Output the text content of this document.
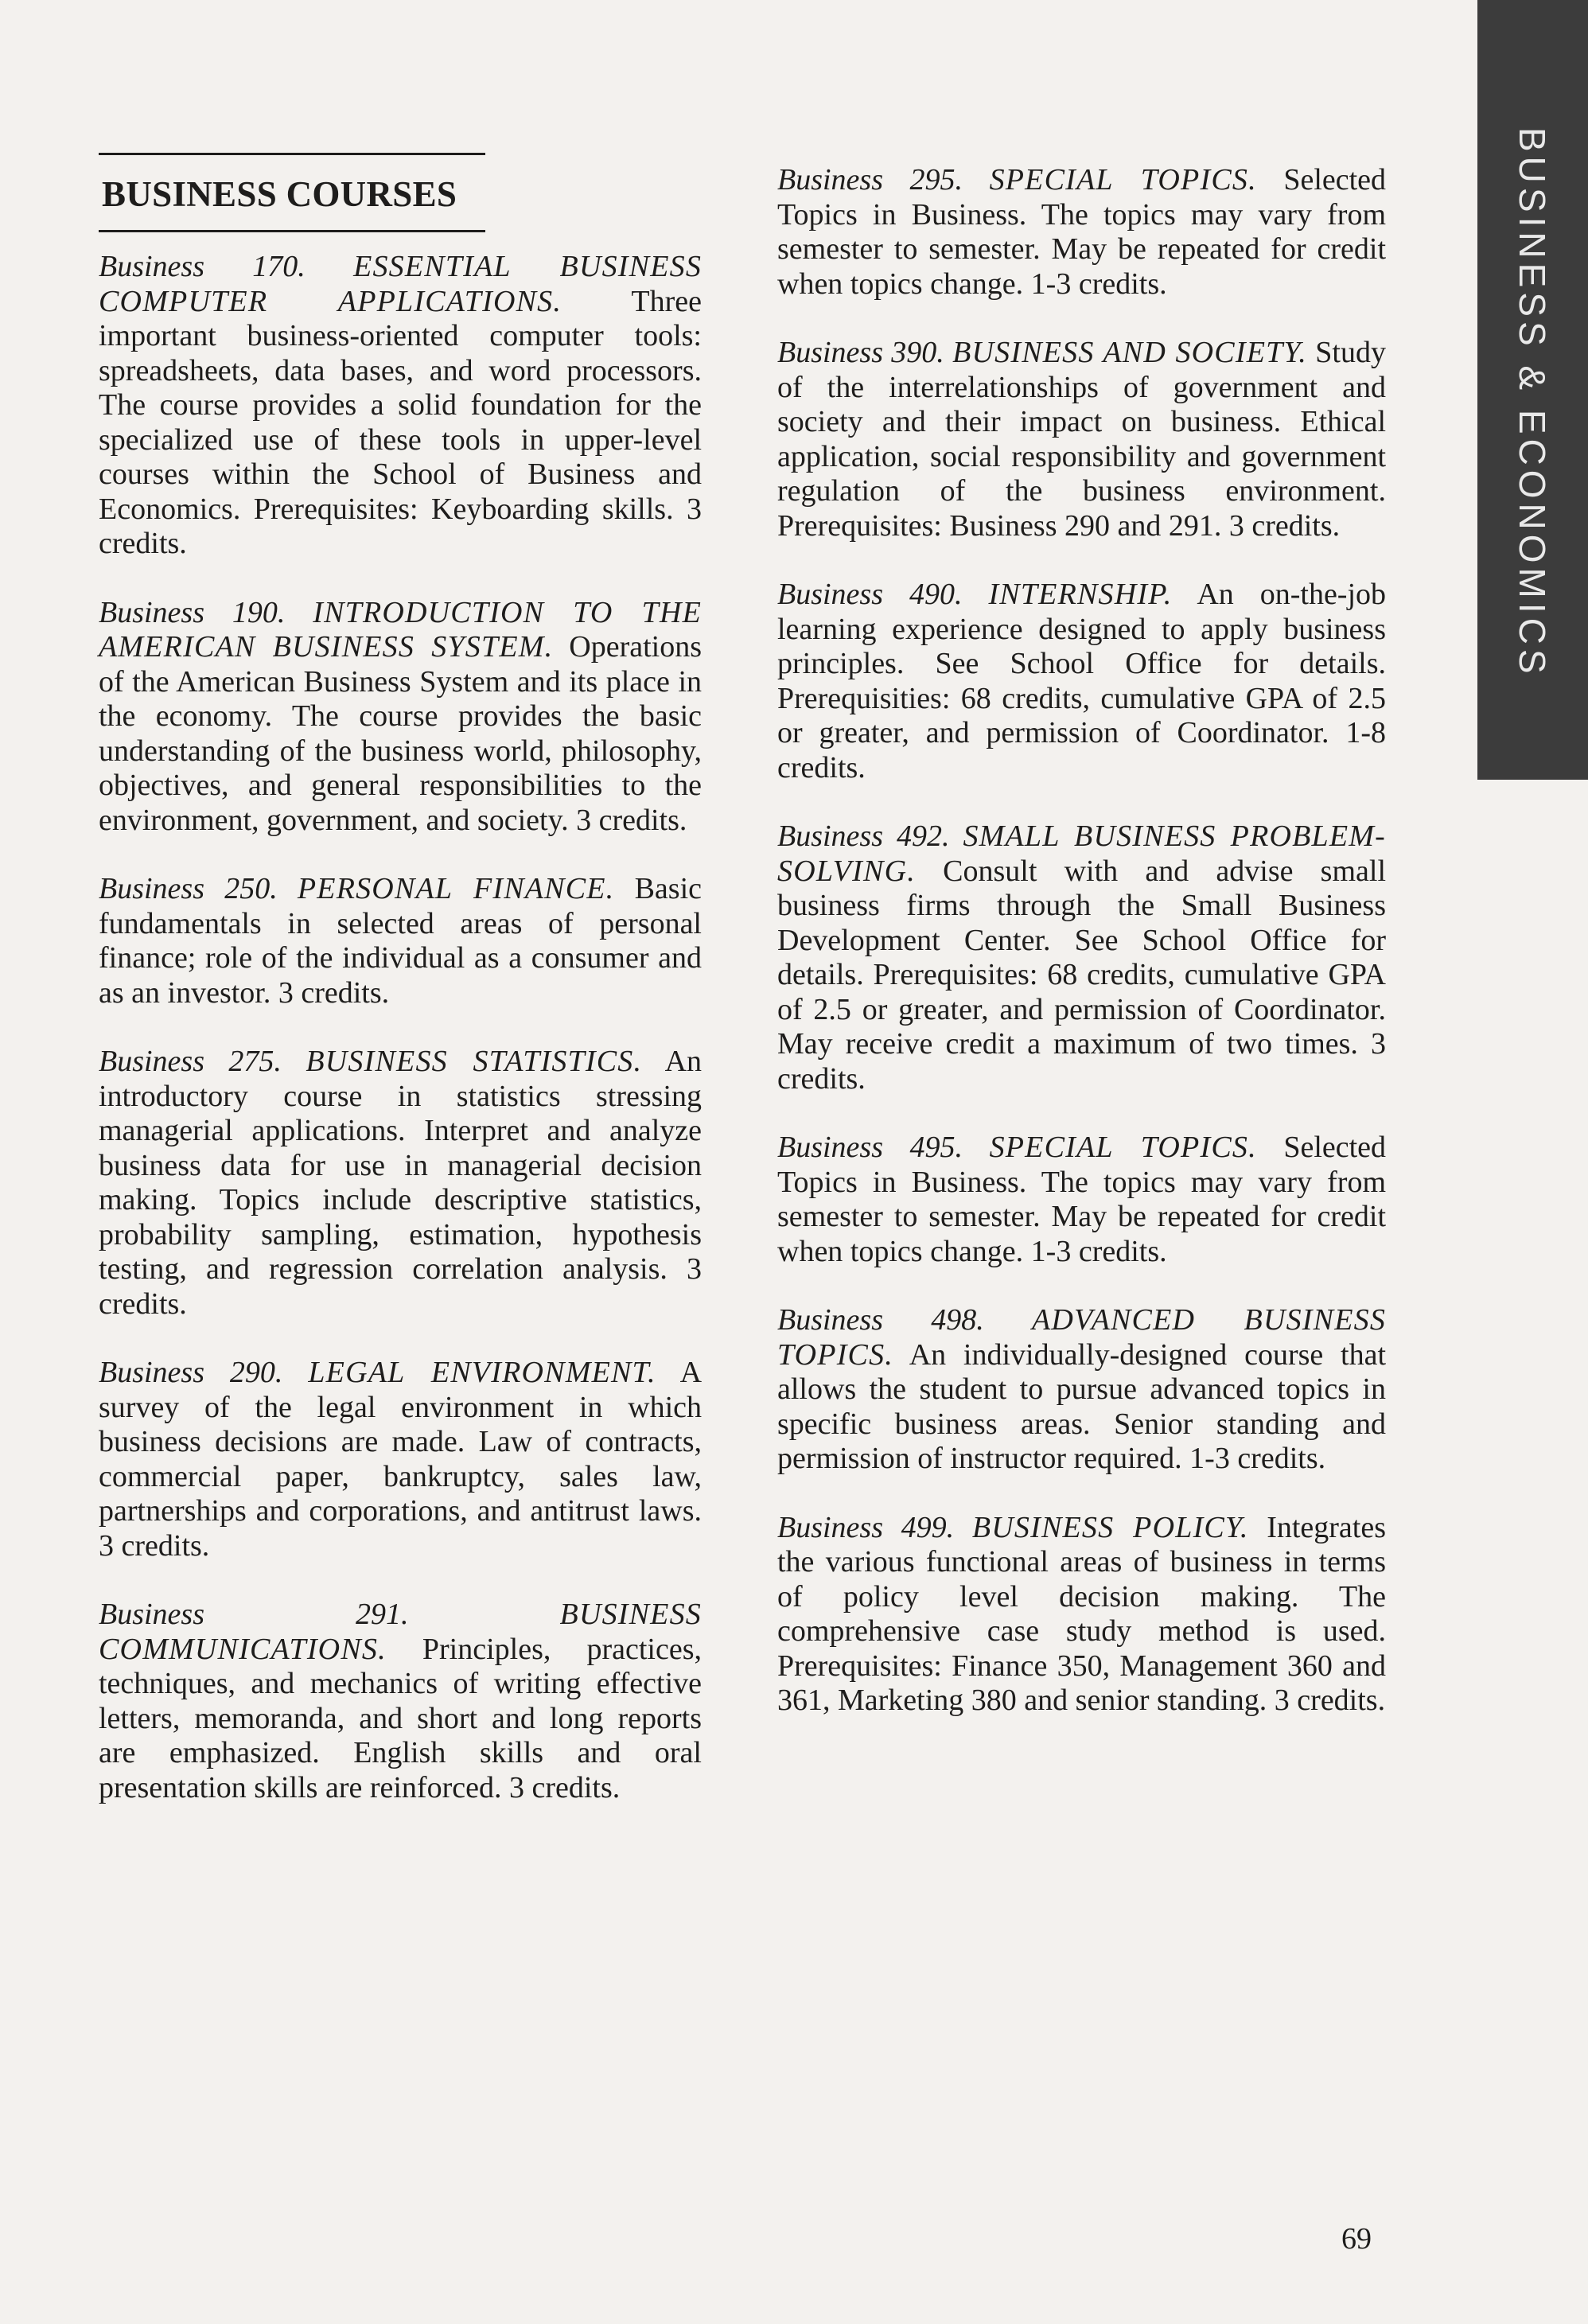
BUSINESS & ECONOMICS
BUSINESS COURSES

Business 170. ESSENTIAL BUSINESS COMPUTER APPLICATIONS. Three important business-oriented computer tools: spreadsheets, data bases, and word processors. The course provides a solid foundation for the specialized use of these tools in upper-level courses within the School of Business and Economics. Prerequisites: Keyboarding skills. 3 credits.

Business 190. INTRODUCTION TO THE AMERICAN BUSINESS SYSTEM. Operations of the American Business System and its place in the economy. The course provides the basic understanding of the business world, philosophy, objectives, and general responsibilities to the environment, government, and society. 3 credits.

Business 250. PERSONAL FINANCE. Basic fundamentals in selected areas of personal finance; role of the individual as a consumer and as an investor. 3 credits.

Business 275. BUSINESS STATISTICS. An introductory course in statistics stressing managerial applications. Interpret and analyze business data for use in managerial decision making. Topics include descriptive statistics, probability sampling, estimation, hypothesis testing, and regression correlation analysis. 3 credits.

Business 290. LEGAL ENVIRONMENT. A survey of the legal environment in which business decisions are made. Law of contracts, commercial paper, bankruptcy, sales law, partnerships and corporations, and antitrust laws. 3 credits.

Business 291.	BUSINESS COMMUNICATIONS. Principles, practices, techniques, and mechanics of writing effective letters, memoranda, and short and long reports are emphasized. English skills and oral presentation skills are reinforced. 3 credits.

Business 295. SPECIAL TOPICS. Selected Topics in Business. The topics may vary from semester to semester. May be repeated for credit when topics change. 1-3 credits.

Business 390. BUSINESS AND SOCIETY. Study of the interrelationships of government and society and their impact on business. Ethical application, social responsibility and government regulation of the business environment. Prerequisites: Business 290 and 291. 3 credits.

Business 490. INTERNSHIP. An on-the-job learning experience designed to apply business principles. See School Office for details. Prerequisities: 68 credits, cumulative GPA of 2.5 or greater, and permission of Coordinator. 1-8 credits.

Business 492. SMALL BUSINESS PROBLEM-SOLVING. Consult with and advise small business firms through the Small Business Development Center. See School Office for details. Prerequisites: 68 credits, cumulative GPA of 2.5 or greater, and permission of Coordinator. May receive credit a maximum of two times. 3 credits.

Business 495. SPECIAL TOPICS. Selected Topics in Business. The topics may vary from semester to semester. May be repeated for credit when topics change. 1-3 credits.

Business 498. ADVANCED BUSINESS TOPICS. An individually-designed course that allows the student to pursue advanced topics in specific business areas. Senior standing and permission of instructor required. 1-3 credits.

Business 499. BUSINESS POLICY. Integrates the various functional areas of business in terms of policy level decision making. The comprehensive case study method is used. Prerequisites: Finance 350, Management 360 and 361, Marketing 380 and senior standing. 3 credits.

69
